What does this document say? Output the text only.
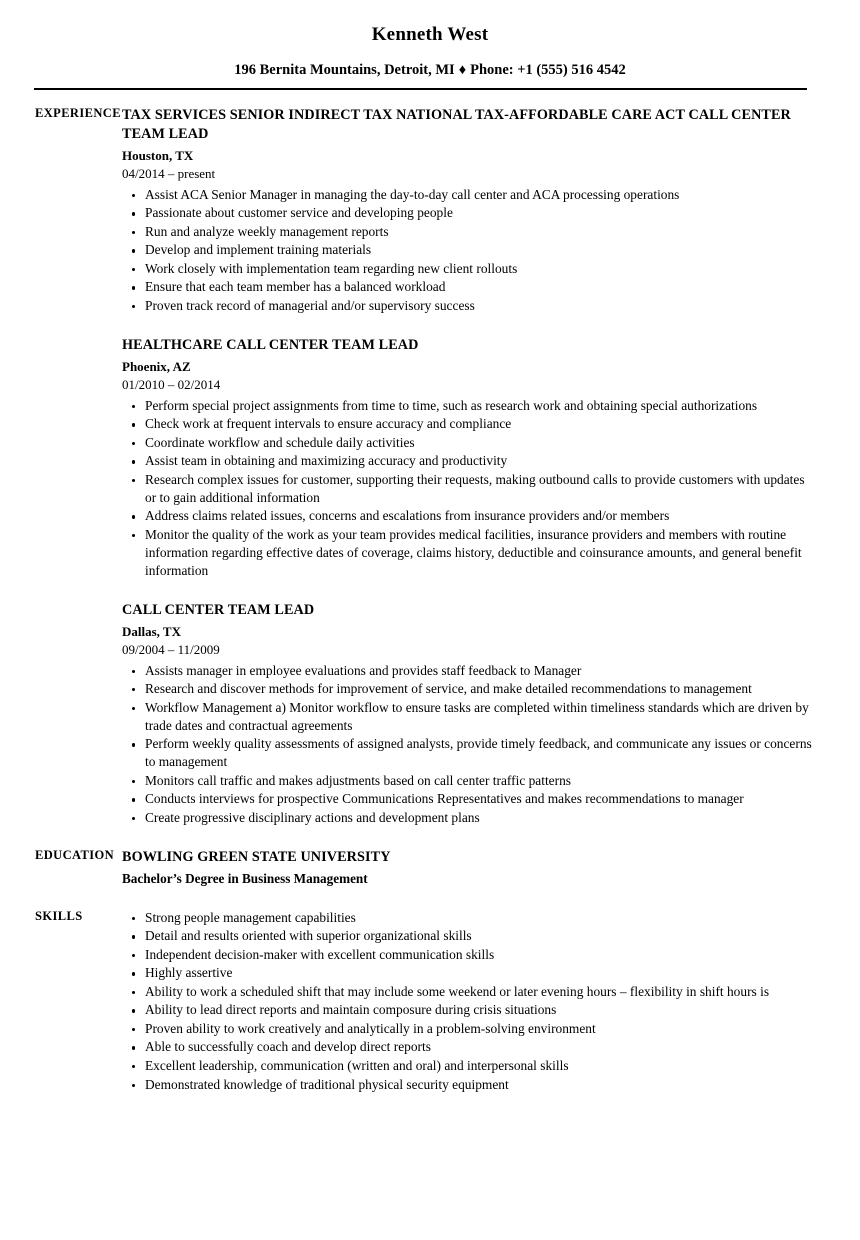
Kenneth West
196 Bernita Mountains, Detroit, MI ♦ Phone: +1 (555) 516 4542
EXPERIENCE TAX SERVICES SENIOR INDIRECT TAX NATIONAL TAX-AFFORDABLE CARE ACT CALL CENTER TEAM LEAD
Houston, TX
04/2014 – present
Assist ACA Senior Manager in managing the day-to-day call center and ACA processing operations
Passionate about customer service and developing people
Run and analyze weekly management reports
Develop and implement training materials
Work closely with implementation team regarding new client rollouts
Ensure that each team member has a balanced workload
Proven track record of managerial and/or supervisory success
HEALTHCARE CALL CENTER TEAM LEAD
Phoenix, AZ
01/2010 – 02/2014
Perform special project assignments from time to time, such as research work and obtaining special authorizations
Check work at frequent intervals to ensure accuracy and compliance
Coordinate workflow and schedule daily activities
Assist team in obtaining and maximizing accuracy and productivity
Research complex issues for customer, supporting their requests, making outbound calls to provide customers with updates or to gain additional information
Address claims related issues, concerns and escalations from insurance providers and/or members
Monitor the quality of the work as your team provides medical facilities, insurance providers and members with routine information regarding effective dates of coverage, claims history, deductible and coinsurance amounts, and general benefit information
CALL CENTER TEAM LEAD
Dallas, TX
09/2004 – 11/2009
Assists manager in employee evaluations and provides staff feedback to Manager
Research and discover methods for improvement of service, and make detailed recommendations to management
Workflow Management a) Monitor workflow to ensure tasks are completed within timeliness standards which are driven by trade dates and contractual agreements
Perform weekly quality assessments of assigned analysts, provide timely feedback, and communicate any issues or concerns to management
Monitors call traffic and makes adjustments based on call center traffic patterns
Conducts interviews for prospective Communications Representatives and makes recommendations to manager
Create progressive disciplinary actions and development plans
EDUCATION BOWLING GREEN STATE UNIVERSITY
Bachelor’s Degree in Business Management
SKILLS	Strong people management capabilities
Detail and results oriented with superior organizational skills
Independent decision-maker with excellent communication skills
Highly assertive
Ability to work a scheduled shift that may include some weekend or later evening hours – flexibility in shift hours is
Ability to lead direct reports and maintain composure during crisis situations
Proven ability to work creatively and analytically in a problem-solving environment
Able to successfully coach and develop direct reports
Excellent leadership, communication (written and oral) and interpersonal skills
Demonstrated knowledge of traditional physical security equipment
